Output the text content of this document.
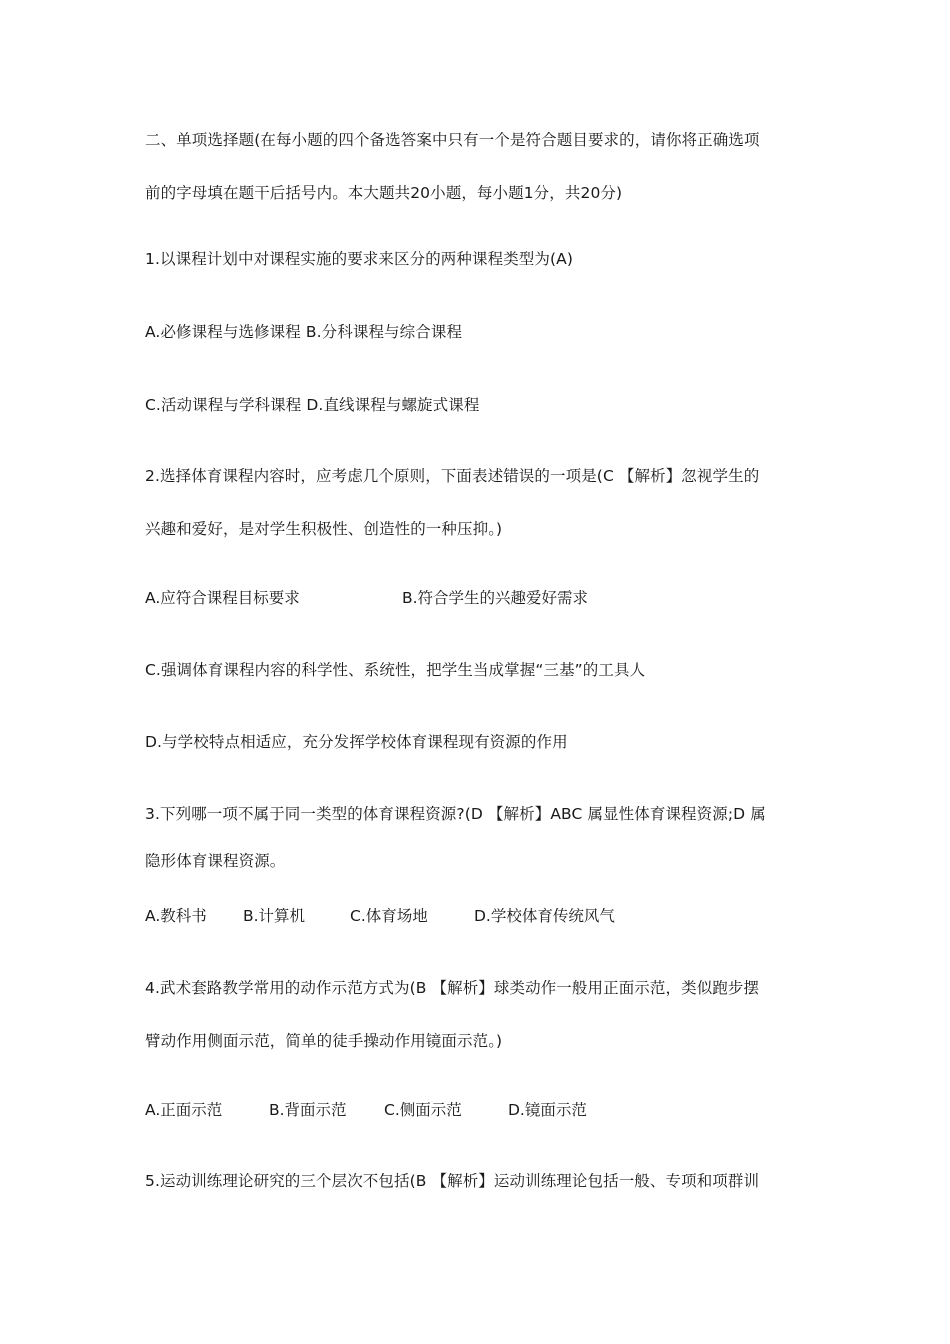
二、单项选择题(在每小题的四个备选答案中只有一个是符合题目要求的，请你将正确选项
前的字母填在题干后括号内。本大题共20小题，每小题1分，共20分)
1.以课程计划中对课程实施的要求来区分的两种课程类型为(A)
A.必修课程与选修课程 B.分科课程与综合课程
C.活动课程与学科课程 D.直线课程与螺旋式课程
2.选择体育课程内容时，应考虑几个原则，下面表述错误的一项是(C 【解析】忽视学生的
兴趣和爱好，是对学生积极性、创造性的一种压抑。)
A.应符合课程目标要求	B.符合学生的兴趣爱好需求
C.强调体育课程内容的科学性、系统性，把学生当成掌握“三基”的工具人
D.与学校特点相适应，充分发挥学校体育课程现有资源的作用
3.下列哪一项不属于同一类型的体育课程资源?(D 【解析】ABC 属显性体育课程资源;D 属
隐形体育课程资源。
A.教科书 B.计算机	C.体育场地	D.学校体育传统风气
4.武术套路教学常用的动作示范方式为(B 【解析】球类动作一般用正面示范，类似跑步摆
臂动作用侧面示范，简单的徒手操动作用镜面示范。)
A.正面示范	B.背面示范 C.侧面示范	D.镜面示范
5.运动训练理论研究的三个层次不包括(B 【解析】运动训练理论包括一般、专项和项群训
